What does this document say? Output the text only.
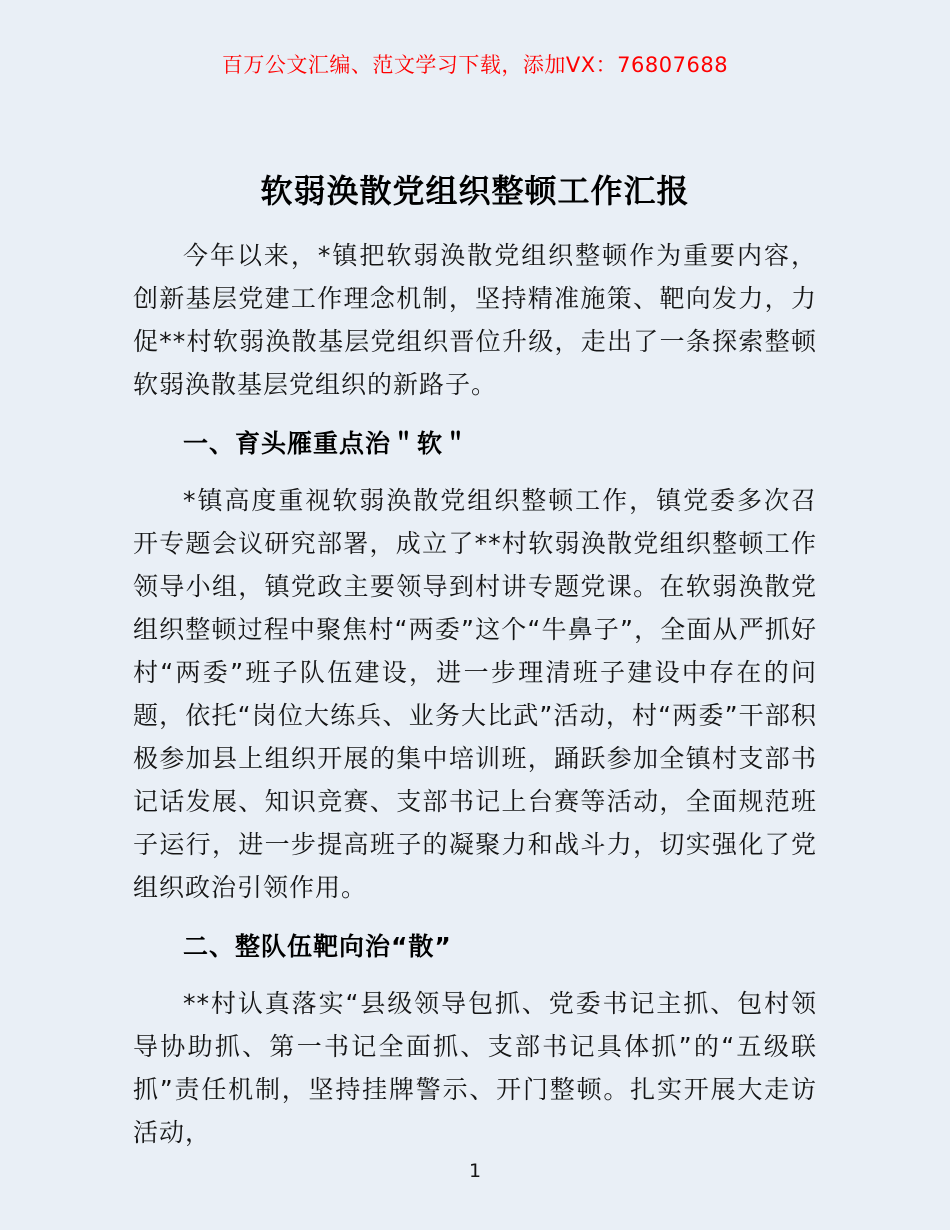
百万公文汇编、范文学习下载，添加VX：76807688
软弱涣散党组织整顿工作汇报

今年以来，*镇把软弱涣散党组织整顿作为重要内容，创新基层党建工作理念机制，坚持精准施策、靶向发力，力促**村软弱涣散基层党组织晋位升级，走出了一条探索整顿软弱涣散基层党组织的新路子。

一、育头雁重点治＂软＂

*镇高度重视软弱涣散党组织整顿工作，镇党委多次召开专题会议研究部署，成立了**村软弱涣散党组织整顿工作领导小组，镇党政主要领导到村讲专题党课。在软弱涣散党组织整顿过程中聚焦村“两委”这个“牛鼻子”，全面从严抓好村“两委”班子队伍建设，进一步理清班子建设中存在的问题，依托“岗位大练兵、业务大比武”活动，村“两委”干部积极参加县上组织开展的集中培训班，踊跃参加全镇村支部书记话发展、知识竞赛、支部书记上台赛等活动，全面规范班子运行，进一步提高班子的凝聚力和战斗力，切实强化了党组织政治引领作用。

二、整队伍靶向治“散”

**村认真落实“县级领导包抓、党委书记主抓、包村领导协助抓、第一书记全面抓、支部书记具体抓”的“五级联抓”责任机制，坚持挂牌警示、开门整顿。扎实开展大走访活动，

1
